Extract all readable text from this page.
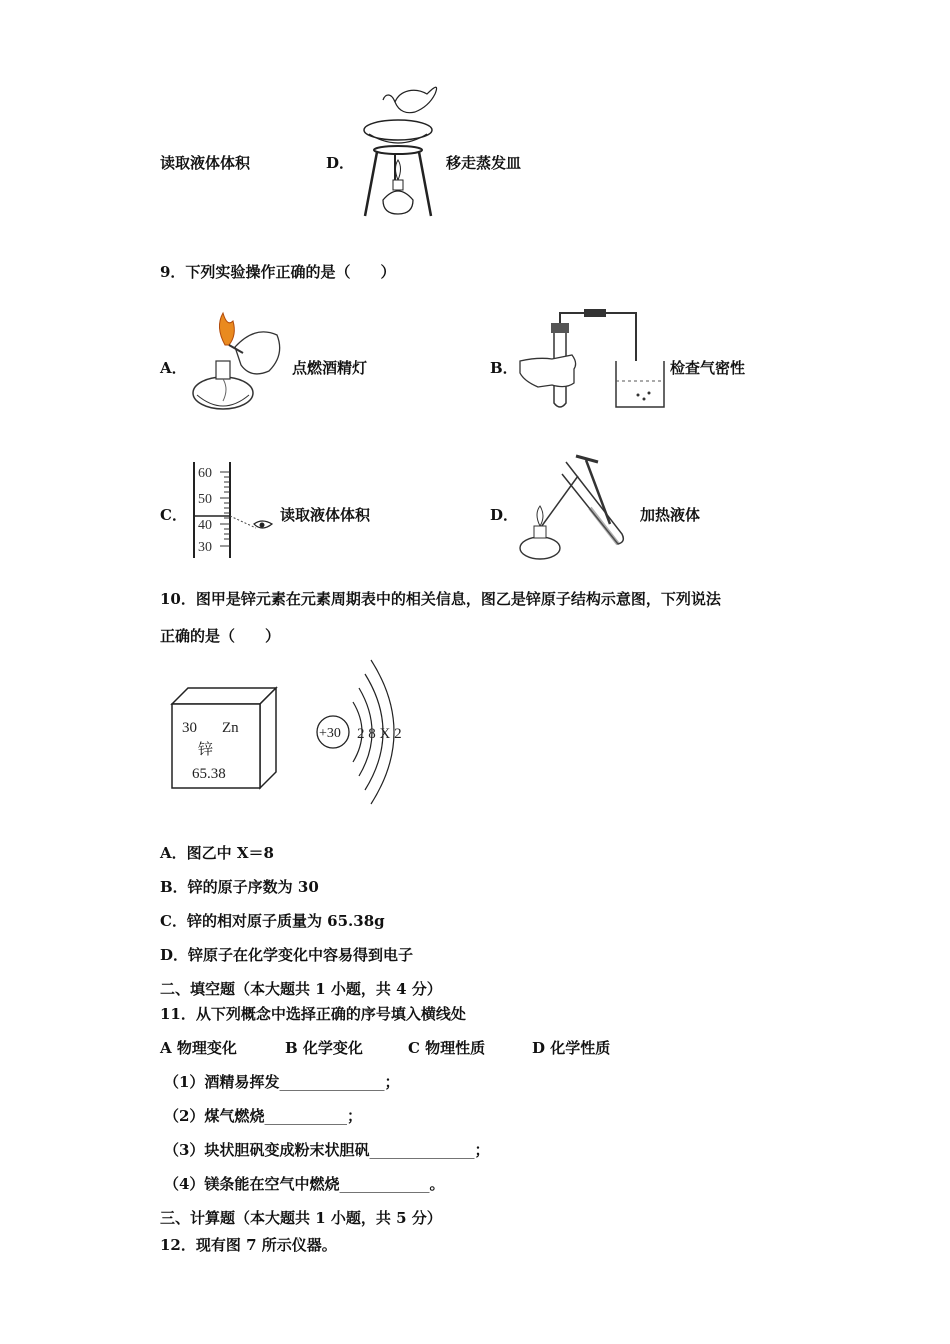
读取液体体积	D．	移走蒸发皿
9．下列实验操作正确的是（　　）
A．	点燃酒精灯	B．	检查气密性
C．
60
50
40
30
读取液体体积	D．	加热液体
10．图甲是锌元素在元素周期表中的相关信息，图乙是锌原子结构示意图，下列说法
正确的是（　　）
30 Zn
锌
65.38
+30 2 8 X 2
A．图乙中 X＝8
B．锌的原子序数为 30
C．锌的相对原子质量为 65.38g
D．锌原子在化学变化中容易得到电子
二、填空题（本大题共 1 小题，共 4 分）
11．从下列概念中选择正确的序号填入横线处
A 物理变化	B 化学变化	C 物理性质	D 化学性质
（1）酒精易挥发______________；
（2）煤气燃烧___________；
（3）块状胆矾变成粉末状胆矾______________；
（4）镁条能在空气中燃烧____________。
三、计算题（本大题共 1 小题，共 5 分）
12．现有图 7 所示仪器。
